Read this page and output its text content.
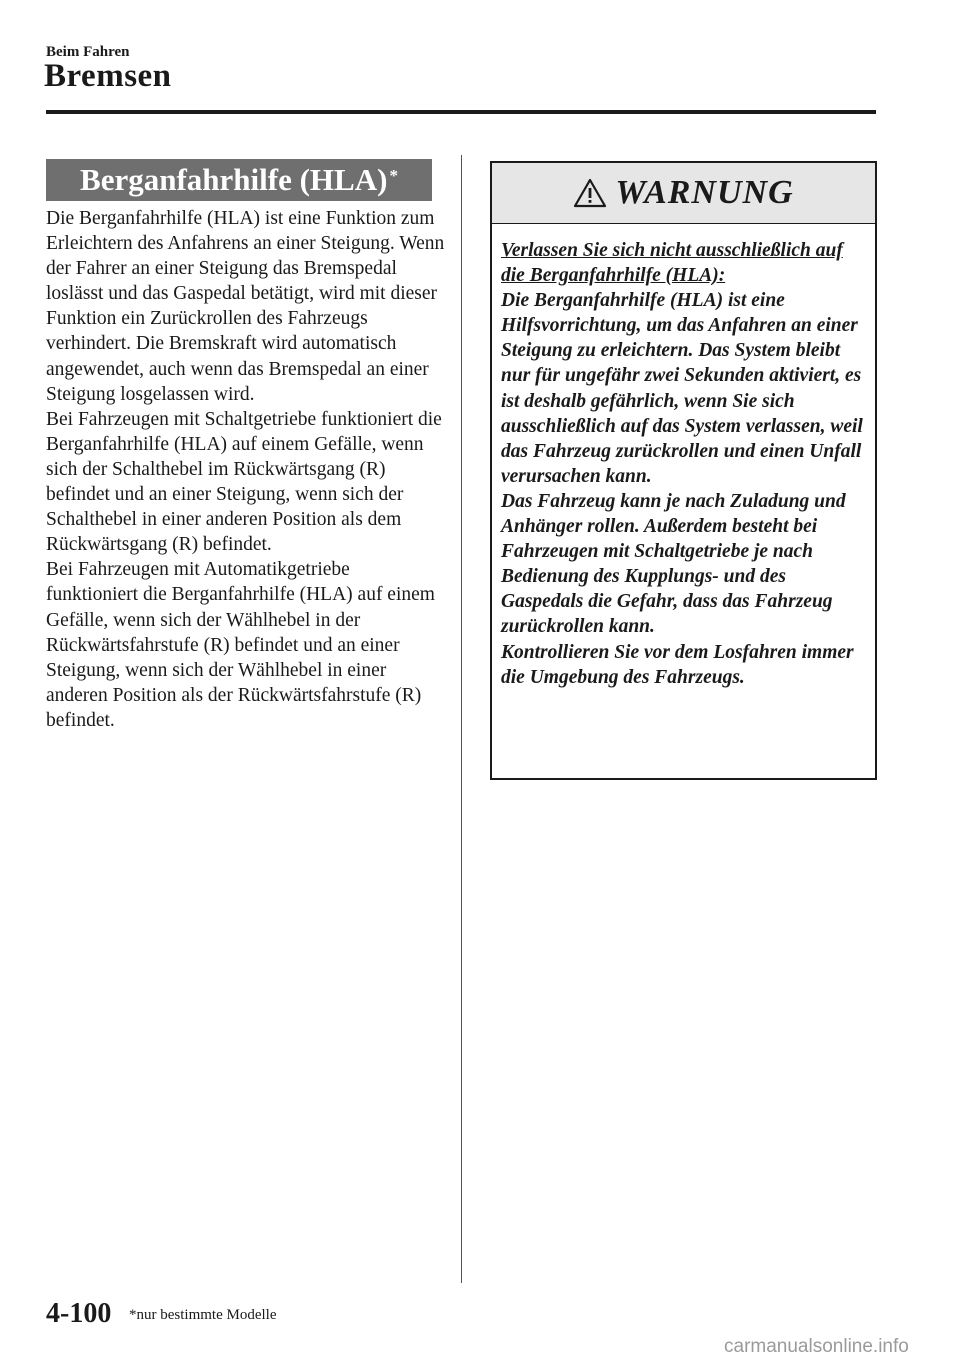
Beim Fahren
Bremsen
Berganfahrhilfe (HLA)*

Die Berganfahrhilfe (HLA) ist eine Funktion zum Erleichtern des Anfahrens an einer Steigung. Wenn der Fahrer an einer Steigung das Bremspedal loslässt und das Gaspedal betätigt, wird mit dieser Funktion ein Zurückrollen des Fahrzeugs verhindert. Die Bremskraft wird automatisch angewendet, auch wenn das Bremspedal an einer Steigung losgelassen wird.

Bei Fahrzeugen mit Schaltgetriebe funktioniert die Berganfahrhilfe (HLA) auf einem Gefälle, wenn sich der Schalthebel im Rückwärtsgang (R) befindet und an einer Steigung, wenn sich der Schalthebel in einer anderen Position als dem Rückwärtsgang (R) befindet.

Bei Fahrzeugen mit Automatikgetriebe funktioniert die Berganfahrhilfe (HLA) auf einem Gefälle, wenn sich der Wählhebel in der Rückwärtsfahrstufe (R) befindet und an einer Steigung, wenn sich der Wählhebel in einer anderen Position als der Rückwärtsfahrstufe (R) befindet.

WARNUNG

Verlassen Sie sich nicht ausschließlich auf die Berganfahrhilfe (HLA):

Die Berganfahrhilfe (HLA) ist eine Hilfsvorrichtung, um das Anfahren an einer Steigung zu erleichtern. Das System bleibt nur für ungefähr zwei Sekunden aktiviert, es ist deshalb gefährlich, wenn Sie sich ausschließlich auf das System verlassen, weil das Fahrzeug zurückrollen und einen Unfall verursachen kann.

Das Fahrzeug kann je nach Zuladung und Anhänger rollen. Außerdem besteht bei Fahrzeugen mit Schaltgetriebe je nach Bedienung des Kupplungs- und des Gaspedals die Gefahr, dass das Fahrzeug zurückrollen kann.

Kontrollieren Sie vor dem Losfahren immer die Umgebung des Fahrzeugs.

4-100 *nur bestimmte Modelle
carmanualsonline.info
